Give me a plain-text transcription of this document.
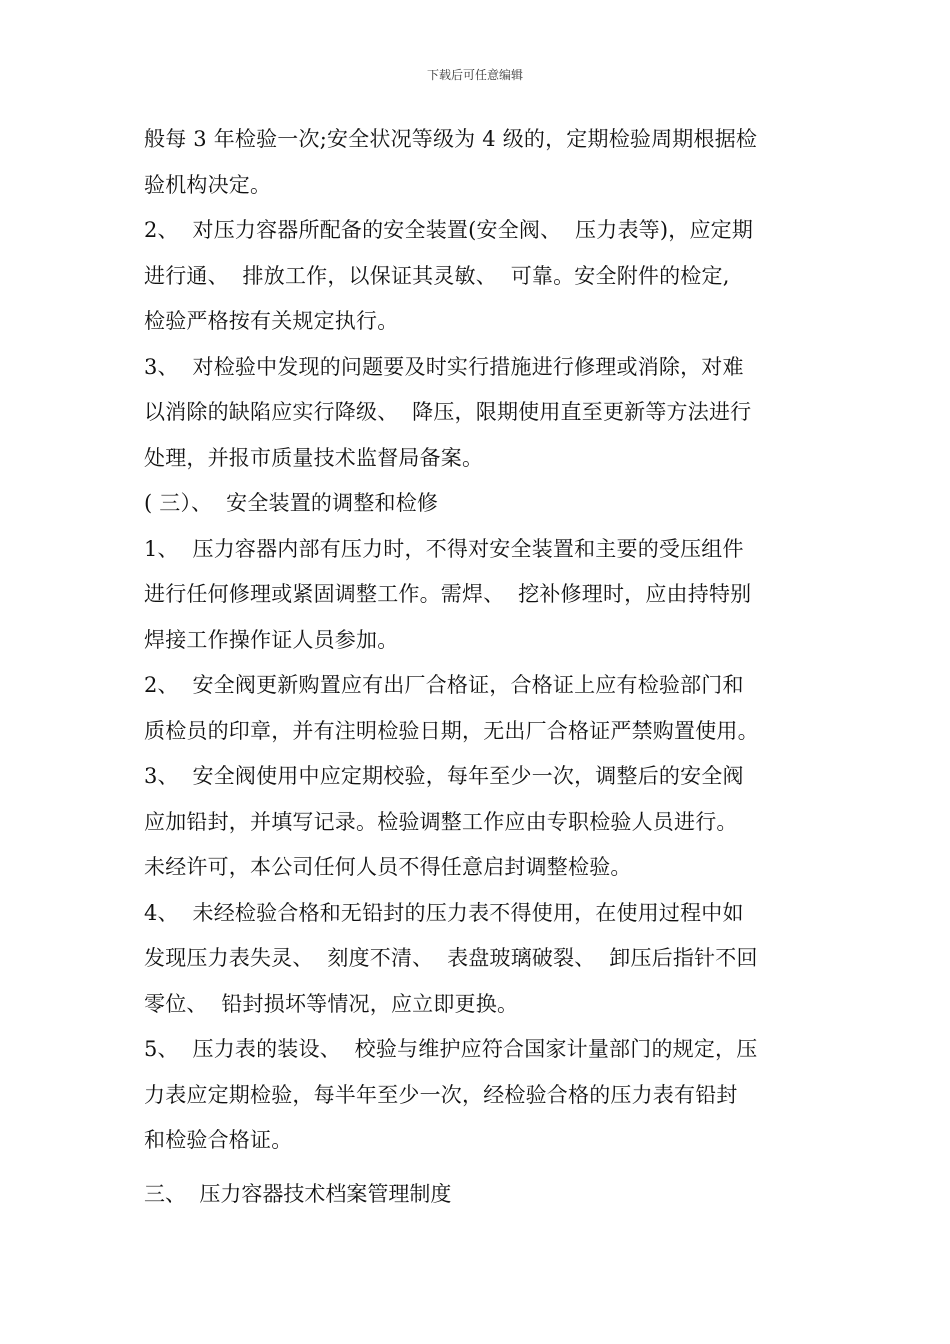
下载后可任意编辑
般每 3 年检验一次;安全状况等级为 4 级的，定期检验周期根据检
验机构决定。
2、  对压力容器所配备的安全装置(安全阀、  压力表等)，应定期
进行通、  排放工作，以保证其灵敏、  可靠。安全附件的检定,
检验严格按有关规定执行。
3、  对检验中发现的问题要及时实行措施进行修理或消除，对难
以消除的缺陷应实行降级、  降压，限期使用直至更新等方法进行
处理，并报市质量技术监督局备案。
( 三）、  安全装置的调整和检修
1、  压力容器内部有压力时，不得对安全装置和主要的受压组件
进行任何修理或紧固调整工作。需焊、  挖补修理时，应由持特别
焊接工作操作证人员参加。
2、  安全阀更新购置应有出厂合格证，合格证上应有检验部门和
质检员的印章，并有注明检验日期，无出厂合格证严禁购置使用。
3、  安全阀使用中应定期校验，每年至少一次，调整后的安全阀
应加铅封，并填写记录。检验调整工作应由专职检验人员进行。
未经许可，本公司任何人员不得任意启封调整检验。
4、  未经检验合格和无铅封的压力表不得使用，在使用过程中如
发现压力表失灵、  刻度不清、  表盘玻璃破裂、  卸压后指针不回
零位、  铅封损坏等情况，应立即更换。
5、  压力表的装设、  校验与维护应符合国家计量部门的规定，压
力表应定期检验，每半年至少一次，经检验合格的压力表有铅封
和检验合格证。
三、  压力容器技术档案管理制度
